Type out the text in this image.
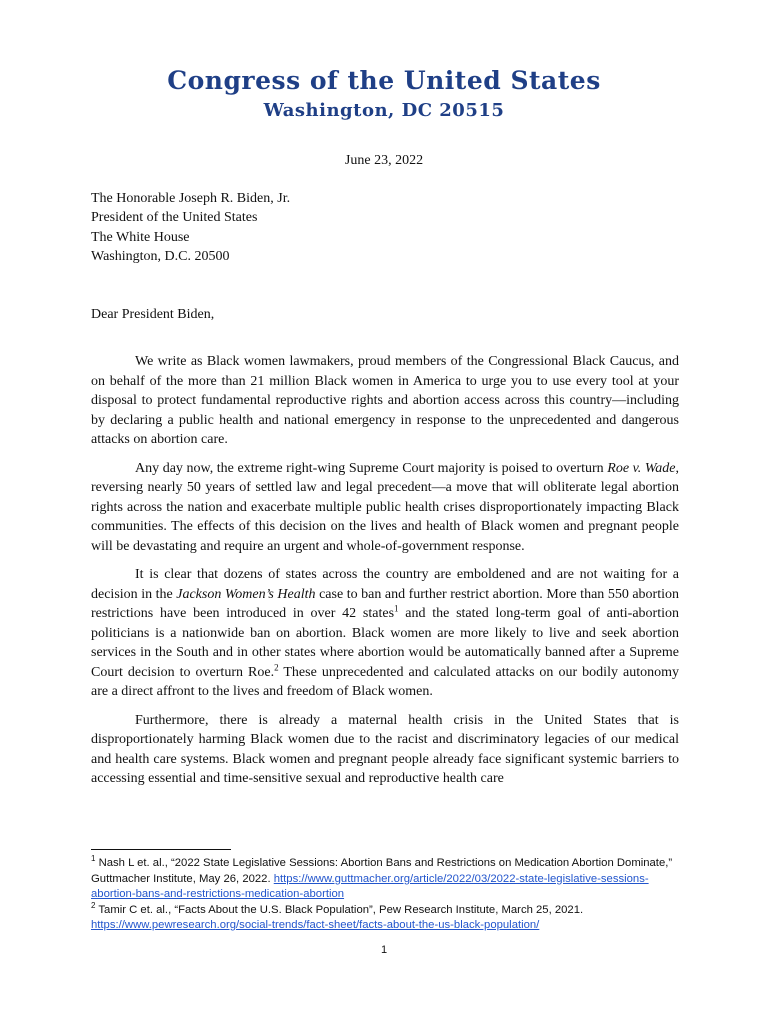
Congress of the United States
Washington, DC 20515
June 23, 2022
The Honorable Joseph R. Biden, Jr.
President of the United States
The White House
Washington, D.C. 20500
Dear President Biden,

We write as Black women lawmakers, proud members of the Congressional Black Caucus, and on behalf of the more than 21 million Black women in America to urge you to use every tool at your disposal to protect fundamental reproductive rights and abortion access across this country—including by declaring a public health and national emergency in response to the unprecedented and dangerous attacks on abortion care.

Any day now, the extreme right-wing Supreme Court majority is poised to overturn Roe v. Wade, reversing nearly 50 years of settled law and legal precedent—a move that will obliterate legal abortion rights across the nation and exacerbate multiple public health crises disproportionately impacting Black communities. The effects of this decision on the lives and health of Black women and pregnant people will be devastating and require an urgent and whole-of-government response.

It is clear that dozens of states across the country are emboldened and are not waiting for a decision in the Jackson Women’s Health case to ban and further restrict abortion. More than 550 abortion restrictions have been introduced in over 42 states$^1$ and the stated long-term goal of anti-abortion politicians is a nationwide ban on abortion. Black women are more likely to live and seek abortion services in the South and in other states where abortion would be automatically banned after a Supreme Court decision to overturn Roe.$^2$ These unprecedented and calculated attacks on our bodily autonomy are a direct affront to the lives and freedom of Black women.

Furthermore, there is already a maternal health crisis in the United States that is disproportionately harming Black women due to the racist and discriminatory legacies of our medical and health care systems. Black women and pregnant people already face significant systemic barriers to accessing essential and time-sensitive sexual and reproductive health care

$^1$ Nash L et. al., “2022 State Legislative Sessions: Abortion Bans and Restrictions on Medication Abortion Dominate,” Guttmacher Institute, May 26, 2022. https://www.guttmacher.org/article/2022/03/2022-state-legislative-sessions-abortion-bans-and-restrictions-medication-abortion

$^2$ Tamir C et. al., “Facts About the U.S. Black Population”, Pew Research Institute, March 25, 2021. https://www.pewresearch.org/social-trends/fact-sheet/facts-about-the-us-black-population/

1
